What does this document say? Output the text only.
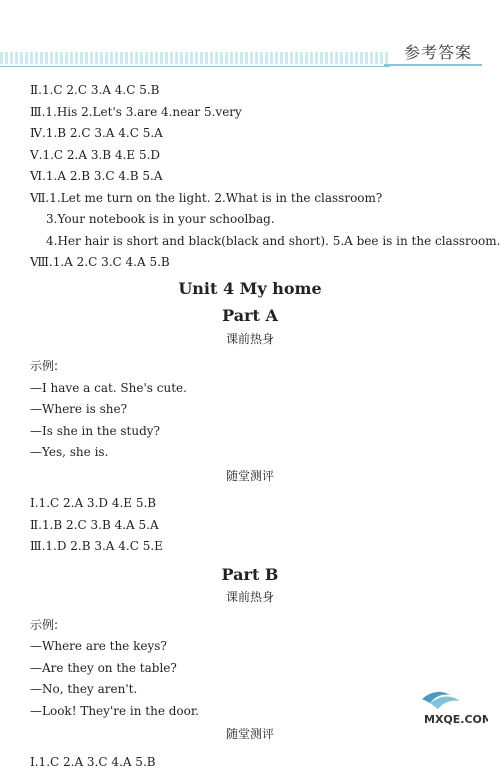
参考答案
Ⅱ.1.C 2.C 3.A 4.C 5.B
Ⅲ.1.His 2.Let's 3.are 4.near 5.very
Ⅳ.1.B 2.C 3.A 4.C 5.A
Ⅴ.1.C 2.A 3.B 4.E 5.D
Ⅵ.1.A 2.B 3.C 4.B 5.A
Ⅶ.1.Let me turn on the light. 2.What is in the classroom?
3.Your notebook is in your schoolbag.
4.Her hair is short and black(black and short). 5.A bee is in the classroom.
Ⅷ.1.A 2.C 3.C 4.A 5.B
Unit 4 My home
Part A
课前热身
示例:
—I have a cat. She's cute.
—Where is she?
—Is she in the study?
—Yes, she is.
随堂测评
Ⅰ.1.C 2.A 3.D 4.E 5.B
Ⅱ.1.B 2.C 3.B 4.A 5.A
Ⅲ.1.D 2.B 3.A 4.C 5.E
Part B
课前热身
示例:
—Where are the keys?
—Are they on the table?
—No, they aren't.
—Look! They're in the door.
随堂测评
Ⅰ.1.C 2.A 3.C 4.A 5.B
MXQE.COM
